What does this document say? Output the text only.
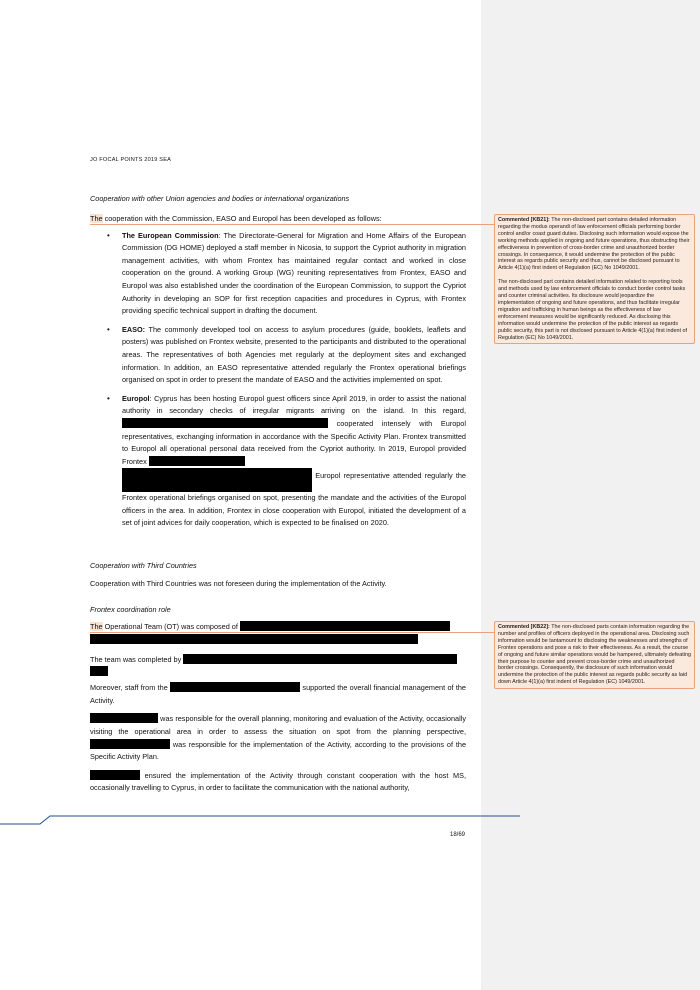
JO FOCAL POINTS 2019 SEA

Cooperation with other Union agencies and bodies or international organizations

The cooperation with the Commission, EASO and Europol has been developed as follows:

• The European Commission: The Directorate-General for Migration and Home Affairs of the European Commission (DG HOME) deployed a staff member in Nicosia, to support the Cypriot authority in migration management activities, with whom Frontex has maintained regular contact and worked in close cooperation on the ground. A working Group (WG) reuniting representatives from Frontex, EASO and Europol was also established under the coordination of the European Commission, to support the Cypriot Authority in developing an SOP for first reception capacities and procedures in Cyprus, with Frontex providing specific technical support in drafting the document.
• EASO: The commonly developed tool on access to asylum procedures (guide, booklets, leaflets and posters) was published on Frontex website, presented to the participants and distributed to the operational areas. The representatives of both Agencies met regularly at the deployment sites and exchanged information. In addition, an EASO representative attended regularly the Frontex operational briefings organised on spot in order to present the mandate of EASO and the activities implemented on spot.
• Europol: Cyprus has been hosting Europol guest officers since April 2019, in order to assist the national authority in secondary checks of irregular migrants arriving on the island. In this regard,  cooperated intensely with Europol representatives, exchanging information in accordance with the Specific Activity Plan. Frontex transmitted to Europol all operational personal data received from the Cypriot authority. In 2019, Europol provided Frontex
Europol representative attended regularly the Frontex operational briefings organised on spot, presenting the mandate and the activities of the Europol officers in the area. In addition, Frontex in close cooperation with Europol, initiated the development of a set of joint advices for daily cooperation, which is expected to be finalised on 2020.

Cooperation with Third Countries

Cooperation with Third Countries was not foreseen during the implementation of the Activity.

Frontex coordination role

The Operational Team (OT) was composed of

The team was completed by

Moreover, staff from the	supported the overall financial management of the Activity.

was responsible for the overall planning, monitoring and evaluation of the Activity, occasionally visiting the operational area in order to assess the situation on spot from the planning perspective,  was responsible for the implementation of the Activity, according to the provisions of the Specific Activity Plan.

ensured the implementation of the Activity through constant cooperation with the host MS, occasionally travelling to Cyprus, in order to facilitate the communication with the national authority,

Commented [KB21]: The non-disclosed part contains detailed information regarding the modus operandi of law enforcement officials performing border control and/or coast guard duties. Disclosing such information would expose the working methods applied in ongoing and future operations, thus obstructing their effectiveness in prevention of cross-border crime and unauthorized border crossings. In consequence, it would undermine the protection of the public interest as regards public security and thus, cannot be disclosed pursuant to Article 4(1)(a) first indent of Regulation (EC) No 1049/2001.

The non-disclosed part contains detailed information related to reporting tools and methods used by law enforcement officials to conduct border control tasks and counter criminal activities. Its disclosure would jeopardize the implementation of ongoing and future operations, and thus facilitate irregular migration and trafficking in human beings as the effectiveness of law enforcement measures would be significantly reduced. As disclosing this information would undermine the protection of the public interest as regards public security, this part is not disclosed pursuant to Article 4(1)(a) first indent of Regulation (EC) No 1049/2001.

Commented [KB22]: The non-disclosed parts contain information regarding the number and profiles of officers deployed in the operational area. Disclosing such information would be tantamount to disclosing the weaknesses and strengths of Frontex operations and pose a risk to their effectiveness. As a result, the course of ongoing and future similar operations would be hampered, ultimately defeating their purpose to counter and prevent cross-border crime and unauthorized border crossings. Consequently, the disclosure of such information would undermine the protection of the public interest as regards public security as laid down Article 4(1)(a) first indent of Regulation (EC) 1049/2001.

18/69
